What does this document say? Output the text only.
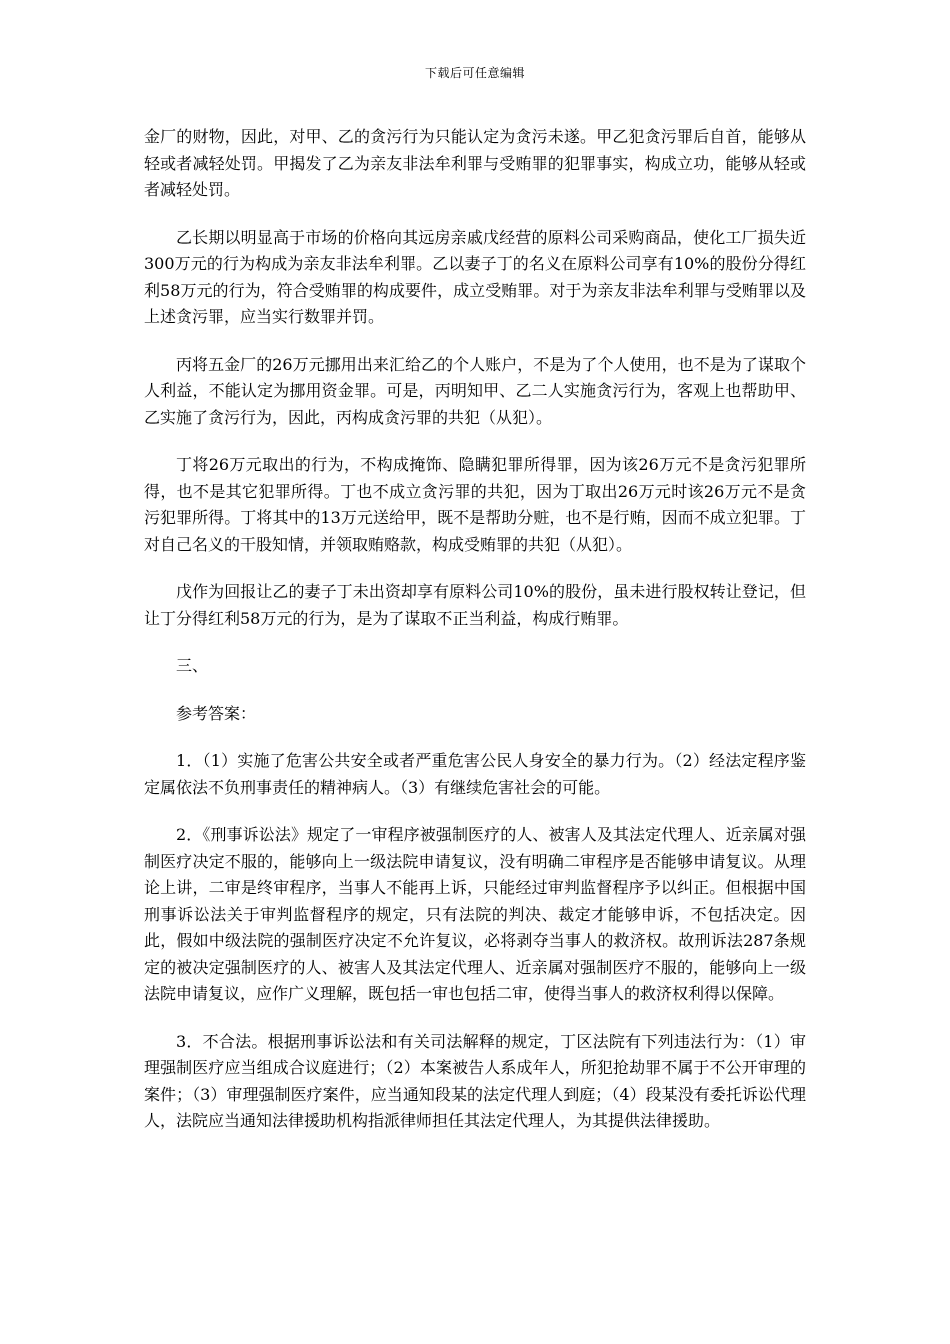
下载后可任意编辑

金厂的财物，因此，对甲、乙的贪污行为只能认定为贪污未遂。甲乙犯贪污罪后自首，能够从轻或者减轻处罚。甲揭发了乙为亲友非法牟利罪与受贿罪的犯罪事实，构成立功，能够从轻或者减轻处罚。

乙长期以明显高于市场的价格向其远房亲戚戊经营的原料公司采购商品，使化工厂损失近300万元的行为构成为亲友非法牟利罪。乙以妻子丁的名义在原料公司享有10%的股份分得红利58万元的行为，符合受贿罪的构成要件，成立受贿罪。对于为亲友非法牟利罪与受贿罪以及上述贪污罪，应当实行数罪并罚。

丙将五金厂的26万元挪用出来汇给乙的个人账户，不是为了个人使用，也不是为了谋取个人利益，不能认定为挪用资金罪。可是，丙明知甲、乙二人实施贪污行为，客观上也帮助甲、乙实施了贪污行为，因此，丙构成贪污罪的共犯（从犯）。

丁将26万元取出的行为，不构成掩饰、隐瞒犯罪所得罪，因为该26万元不是贪污犯罪所得，也不是其它犯罪所得。丁也不成立贪污罪的共犯，因为丁取出26万元时该26万元不是贪污犯罪所得。丁将其中的13万元送给甲，既不是帮助分赃，也不是行贿，因而不成立犯罪。丁对自己名义的干股知情，并领取贿赂款，构成受贿罪的共犯（从犯）。

戊作为回报让乙的妻子丁未出资却享有原料公司10%的股份，虽未进行股权转让登记，但让丁分得红利58万元的行为，是为了谋取不正当利益，构成行贿罪。

三、

参考答案：

1．（1）实施了危害公共安全或者严重危害公民人身安全的暴力行为。（2）经法定程序鉴定属依法不负刑事责任的精神病人。（3）有继续危害社会的可能。

2．《刑事诉讼法》规定了一审程序被强制医疗的人、被害人及其法定代理人、近亲属对强制医疗决定不服的，能够向上一级法院申请复议，没有明确二审程序是否能够申请复议。从理论上讲，二审是终审程序，当事人不能再上诉，只能经过审判监督程序予以纠正。但根据中国刑事诉讼法关于审判监督程序的规定，只有法院的判决、裁定才能够申诉，不包括决定。因此，假如中级法院的强制医疗决定不允许复议，必将剥夺当事人的救济权。故刑诉法287条规定的被决定强制医疗的人、被害人及其法定代理人、近亲属对强制医疗不服的，能够向上一级法院申请复议，应作广义理解，既包括一审也包括二审，使得当事人的救济权利得以保障。

3．不合法。根据刑事诉讼法和有关司法解释的规定，丁区法院有下列违法行为：（1）审理强制医疗应当组成合议庭进行；（2）本案被告人系成年人，所犯抢劫罪不属于不公开审理的案件；（3）审理强制医疗案件，应当通知段某的法定代理人到庭；（4）段某没有委托诉讼代理人，法院应当通知法律援助机构指派律师担任其法定代理人，为其提供法律援助。
